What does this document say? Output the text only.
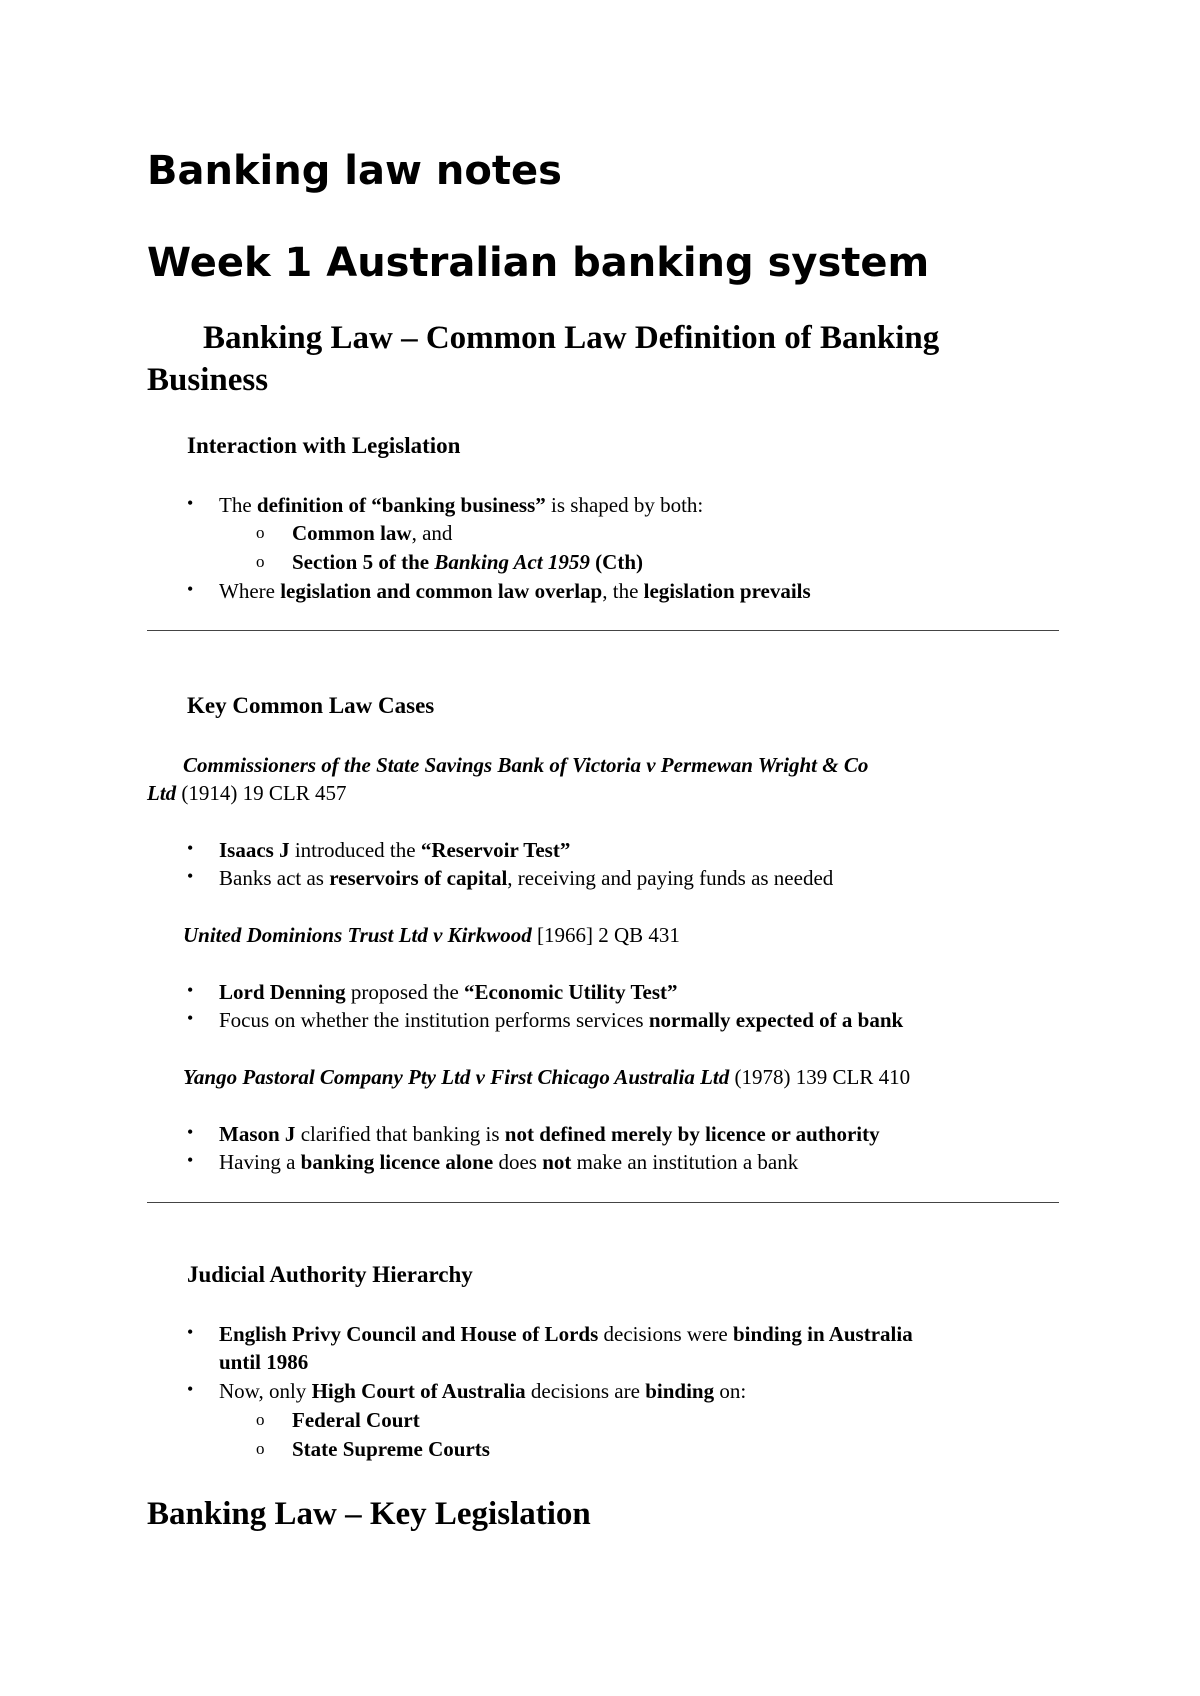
Banking law notes
Week 1 Australian banking system
Banking Law – Common Law Definition of Banking
Business
Interaction with Legislation
• The definition of “banking business” is shaped by both:
o Common law, and
o Section 5 of the Banking Act 1959 (Cth)
• Where legislation and common law overlap, the legislation prevails
Key Common Law Cases
Commissioners of the State Savings Bank of Victoria v Permewan Wright & Co
Ltd (1914) 19 CLR 457
• Isaacs J introduced the “Reservoir Test”
• Banks act as reservoirs of capital, receiving and paying funds as needed
United Dominions Trust Ltd v Kirkwood [1966] 2 QB 431
• Lord Denning proposed the “Economic Utility Test”
• Focus on whether the institution performs services normally expected of a bank
Yango Pastoral Company Pty Ltd v First Chicago Australia Ltd (1978) 139 CLR 410
• Mason J clarified that banking is not defined merely by licence or authority
• Having a banking licence alone does not make an institution a bank
Judicial Authority Hierarchy
• English Privy Council and House of Lords decisions were binding in Australia
until 1986
• Now, only High Court of Australia decisions are binding on:
o Federal Court
o State Supreme Courts
Banking Law – Key Legislation
